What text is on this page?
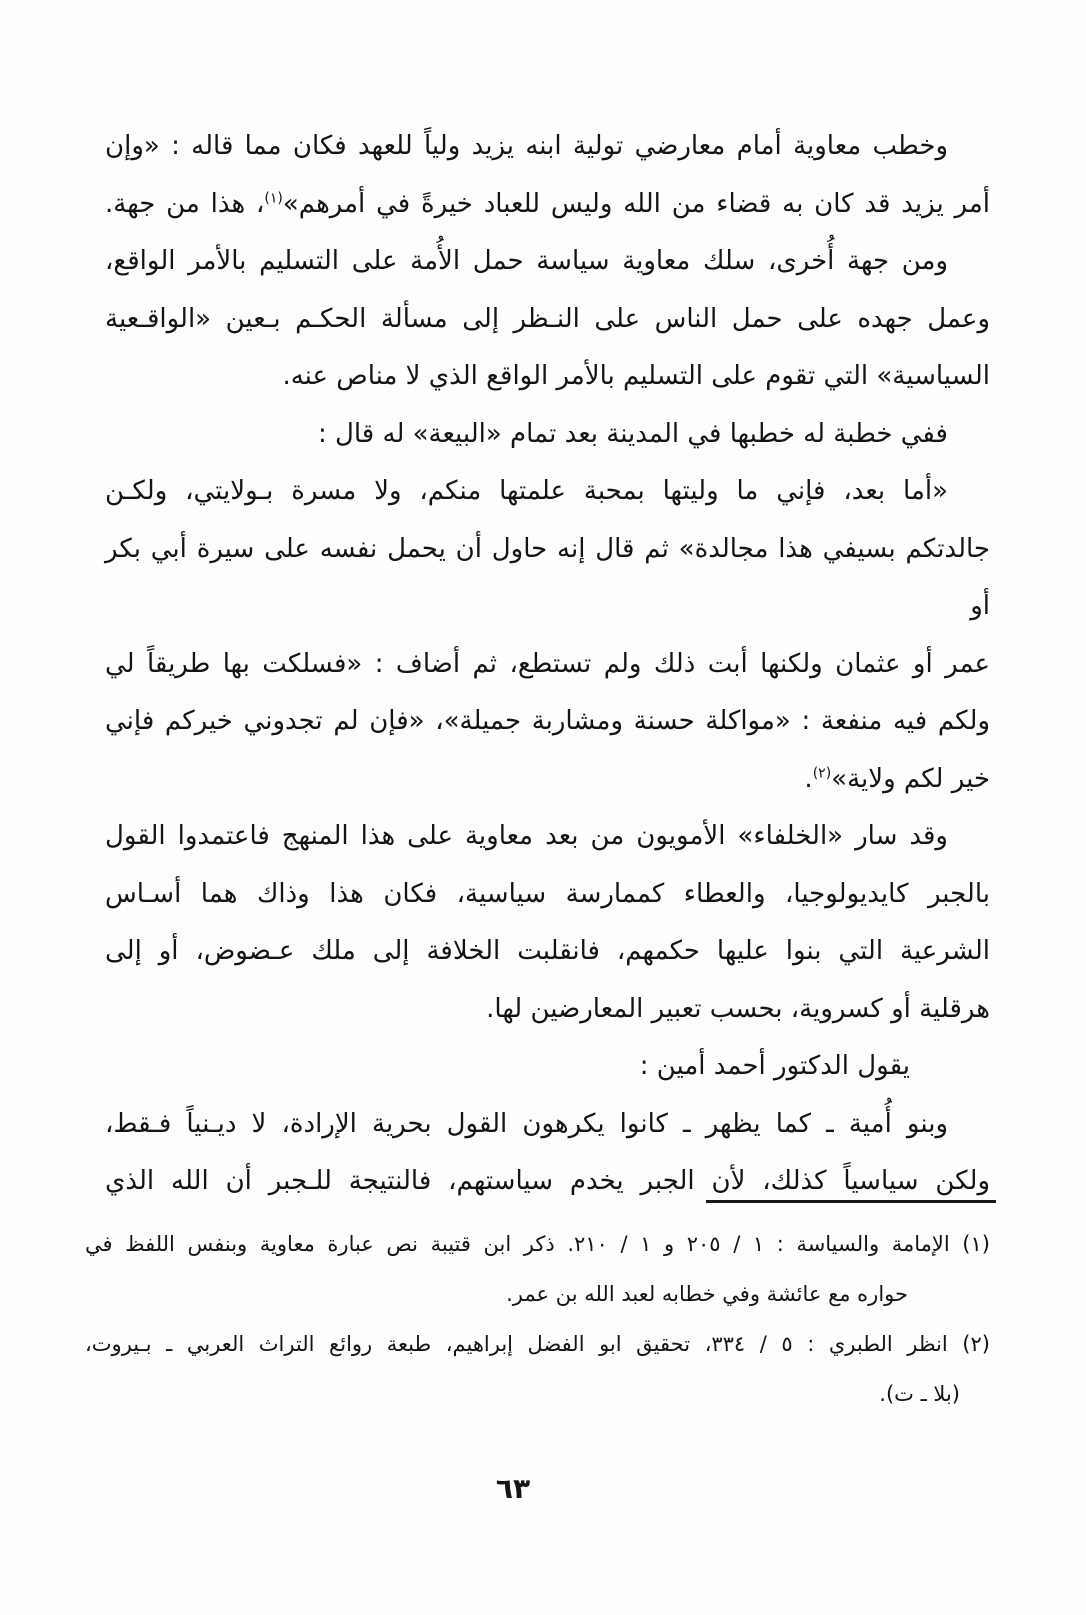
وخطب معاوية أمام معارضي تولية ابنه يزيد ولياً للعهد فكان مما قاله : «وإن
أمر يزيد قد كان به قضاء من الله وليس للعباد خيرةً في أمرهم»$^{(١)}$، هذا من جهة.
ومن جهة أُخرى، سلك معاوية سياسة حمل الأُمة على التسليم بالأمر الواقع،
وعمل جهده على حمل الناس على النـظر إلى مسألة الحكـم بـعين «الواقـعية
السياسية» التي تقوم على التسليم بالأمر الواقع الذي لا مناص عنه.
ففي خطبة له خطبها في المدينة بعد تمام «البيعة» له قال :
«أما بعد، فإني ما وليتها بمحبة علمتها منكم، ولا مسرة بـولايتي، ولكـن
جالدتكم بسيفي هذا مجالدة» ثم قال إنه حاول أن يحمل نفسه على سيرة أبي بكر أو
عمر أو عثمان ولكنها أبت ذلك ولم تستطع، ثم أضاف : «فسلكت بها طريقاً لي
ولكم فيه منفعة : «مواكلة حسنة ومشاربة جميلة»، «فإن لم تجدوني خيركم فإني
خير لكم ولاية»$^{(٢)}$.
وقد سار «الخلفاء» الأمويون من بعد معاوية على هذا المنهج فاعتمدوا القول
بالجبر كايديولوجيا، والعطاء كممارسة سياسية، فكان هذا وذاك هما أسـاس
الشرعية التي بنوا عليها حكمهم، فانقلبت الخلافة إلى ملك عـضوض، أو إلى
هرقلية أو كسروية، بحسب تعبير المعارضين لها.
يقول الدكتور أحمد أمين :
وبنو أُمية ـ كما يظهر ـ كانوا يكرهون القول بحرية الإرادة، لا ديـنياً فـقط،
ولكن سياسياً كذلك، لأن الجبر يخدم سياستهم، فالنتيجة للـجبر أن الله الذي
(١) الإمامة والسياسة : ١ / ٢٠٥ و ١ / ٢١٠. ذكر ابن قتيبة نص عبارة معاوية وبنفس اللفظ في
حواره مع عائشة وفي خطابه لعبد الله بن عمر.
(٢) انظر الطبري : ٥ / ٣٣٤، تحقيق ابو الفضل إبراهيم، طبعة روائع التراث العربي ـ بـيروت،
(بلا ـ ت).
٦٣
